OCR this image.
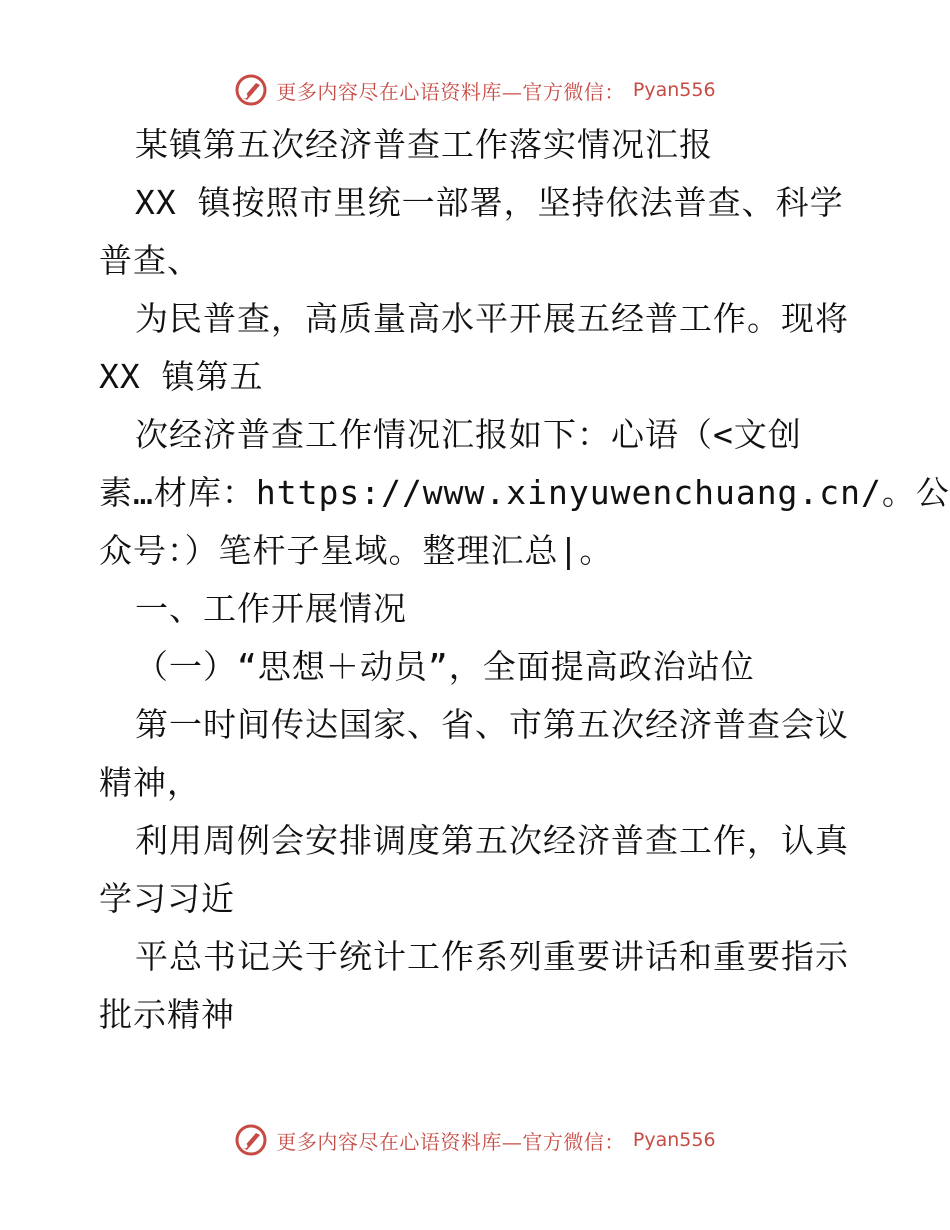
更多内容尽在心语资料库—官方微信： Pyan556
某镇第五次经济普查工作落实情况汇报
XX 镇按照市里统一部署，坚持依法普查、科学
普查、
为民普查，高质量高水平开展五经普工作。现将
XX 镇第五
次经济普查工作情况汇报如下：心语（<文创
素…材库：https://www.xinyuwenchuang.cn/。公
众号：）笔杆子星域。整理汇总|。
一、工作开展情况
（一）“思想＋动员”，全面提高政治站位
第一时间传达国家、省、市第五次经济普查会议
精神，
利用周例会安排调度第五次经济普查工作，认真
学习习近
平总书记关于统计工作系列重要讲话和重要指示
批示精神
更多内容尽在心语资料库—官方微信： Pyan556
